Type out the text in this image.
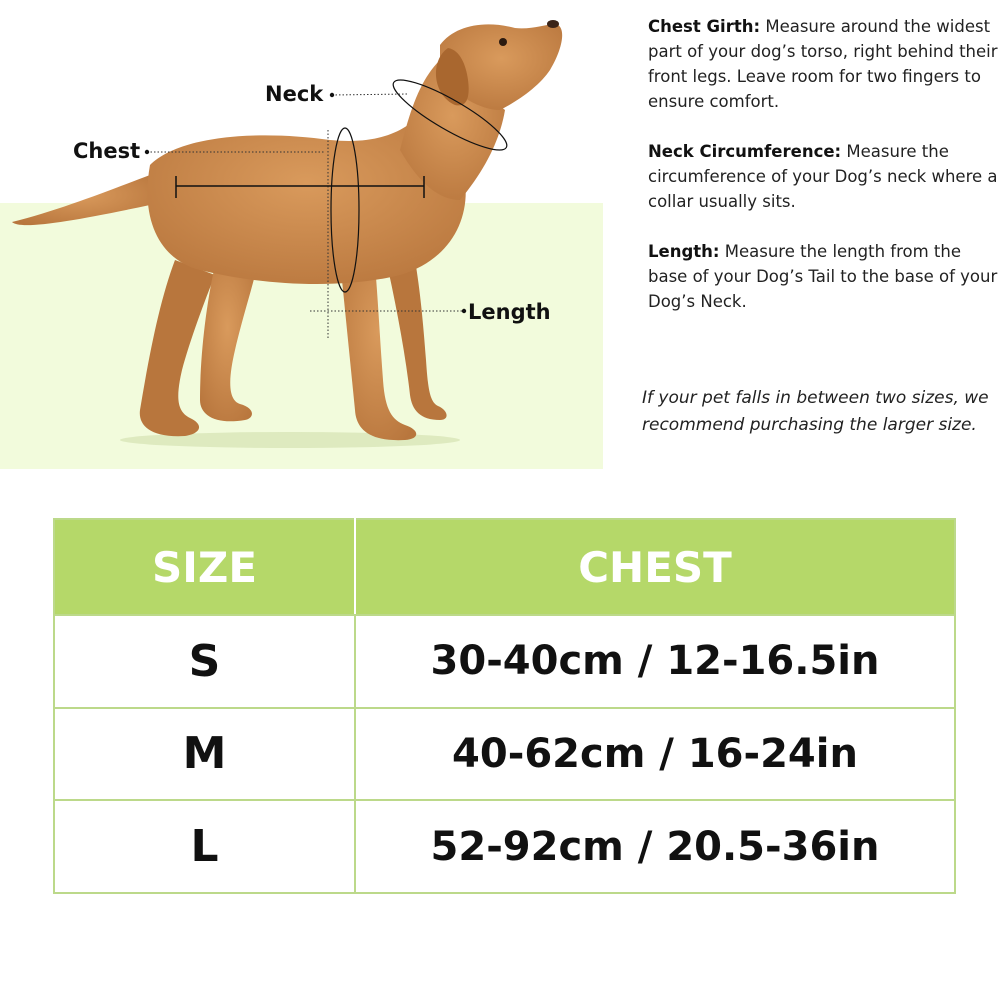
Neck
Chest
Length

Chest Girth: Measure around the widest part of your dog’s torso, right behind their front legs. Leave room for two fingers to ensure comfort.

Neck Circumference: Measure the circumference of your Dog’s neck where a collar usually sits.

Length: Measure the length from the base of your Dog’s Tail to the base of your Dog’s Neck.

If your pet falls in between two sizes, we recommend purchasing the larger size.
SIZE	CHEST
S	30-40cm / 12-16.5in
M	40-62cm / 16-24in
L	52-92cm / 20.5-36in
